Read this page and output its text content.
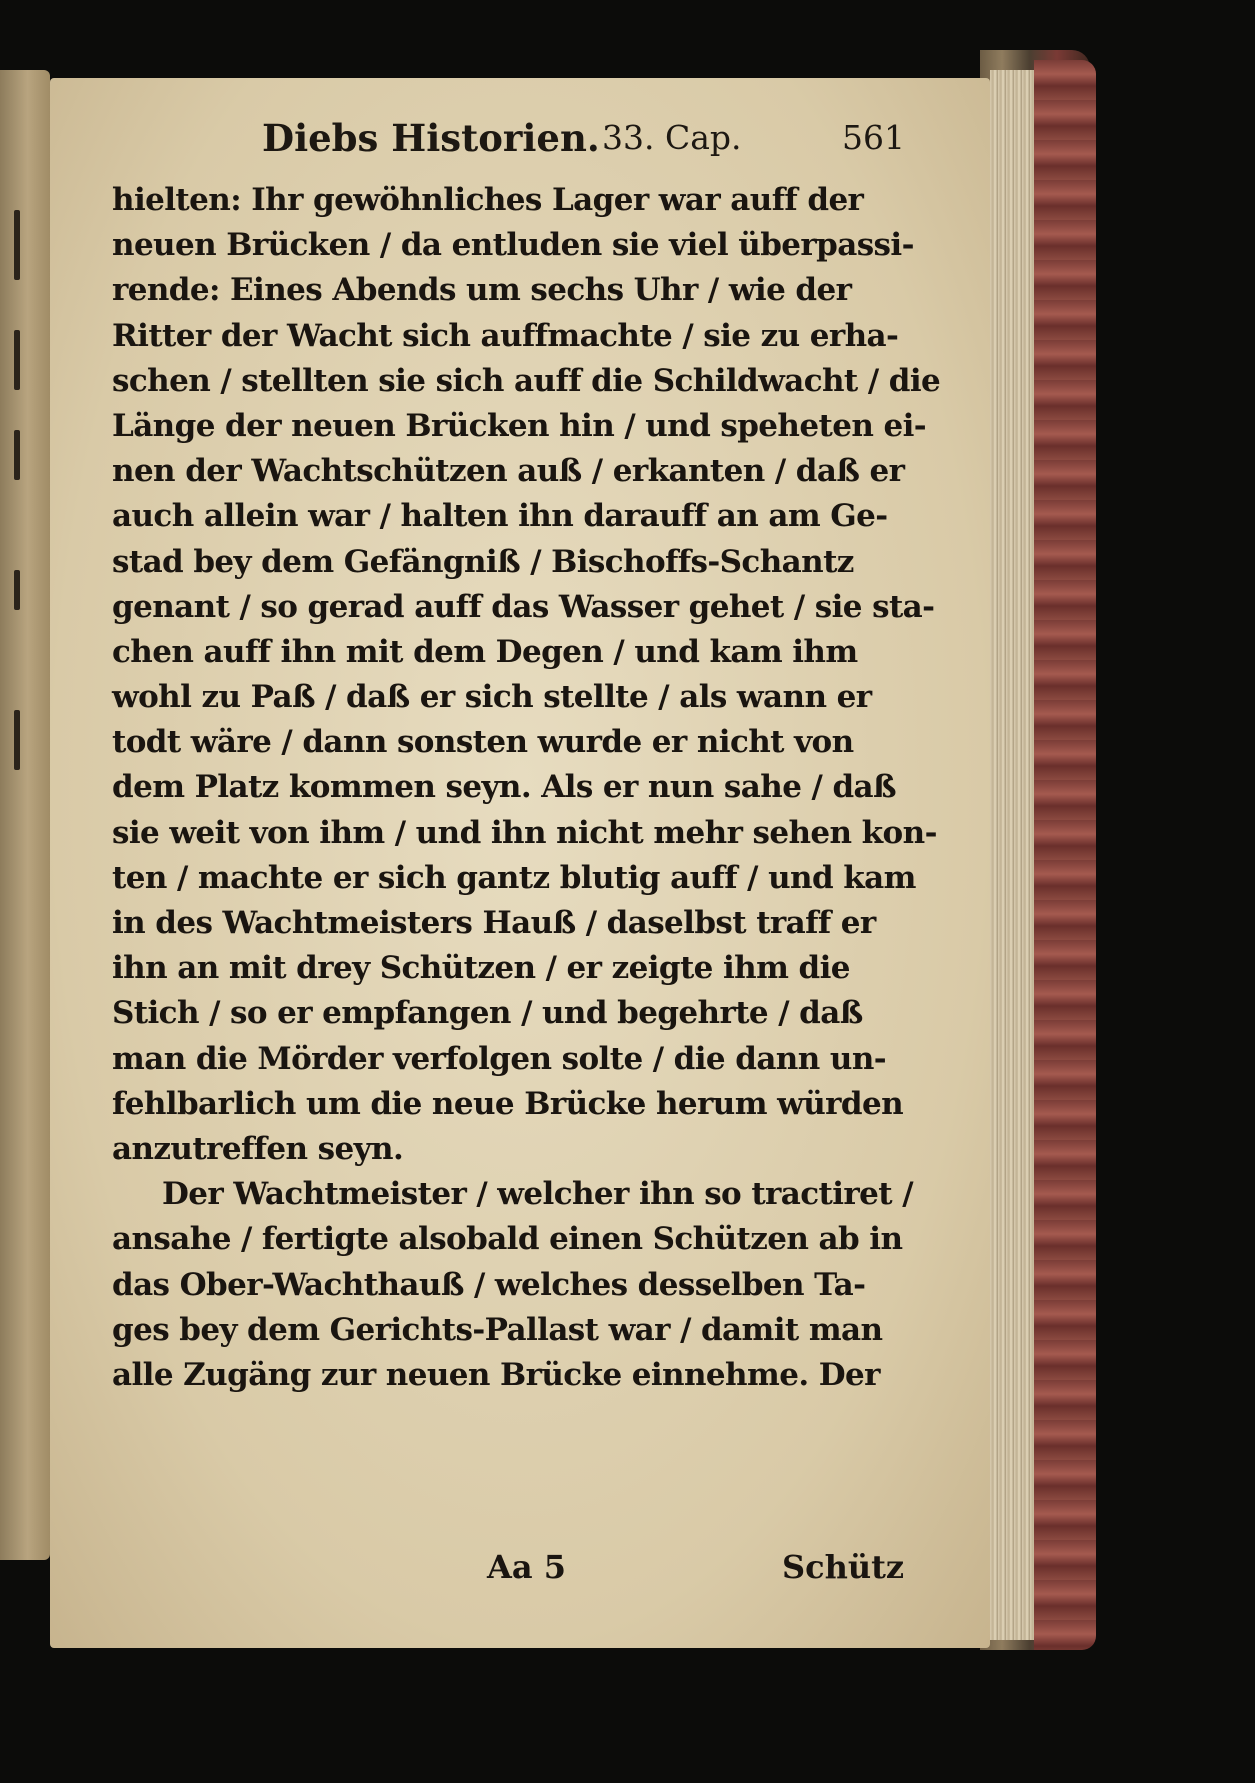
Diebs Historien. 33. Cap.	561
hielten: Ihr gewöhnliches Lager war auff der
neuen Brücken / da entluden sie viel überpassi-
rende: Eines Abends um sechs Uhr / wie der
Ritter der Wacht sich auffmachte / sie zu erha-
schen / stellten sie sich auff die Schildwacht / die
Länge der neuen Brücken hin / und speheten ei-
nen der Wachtschützen auß / erkanten / daß er
auch allein war / halten ihn darauff an am Ge-
stad bey dem Gefängniß / Bischoffs-Schantz
genant / so gerad auff das Wasser gehet / sie sta-
chen auff ihn mit dem Degen / und kam ihm
wohl zu Paß / daß er sich stellte / als wann er
todt wäre / dann sonsten wurde er nicht von
dem Platz kommen seyn. Als er nun sahe / daß
sie weit von ihm / und ihn nicht mehr sehen kon-
ten / machte er sich gantz blutig auff / und kam
in des Wachtmeisters Hauß / daselbst traff er
ihn an mit drey Schützen / er zeigte ihm die
Stich / so er empfangen / und begehrte / daß
man die Mörder verfolgen solte / die dann un-
fehlbarlich um die neue Brücke herum würden
anzutreffen seyn.
Der Wachtmeister / welcher ihn so tractiret /
ansahe / fertigte alsobald einen Schützen ab in
das Ober-Wachthauß / welches desselben Ta-
ges bey dem Gerichts-Pallast war / damit man
alle Zugäng zur neuen Brücke einnehme. Der
Aa 5	Schütz
